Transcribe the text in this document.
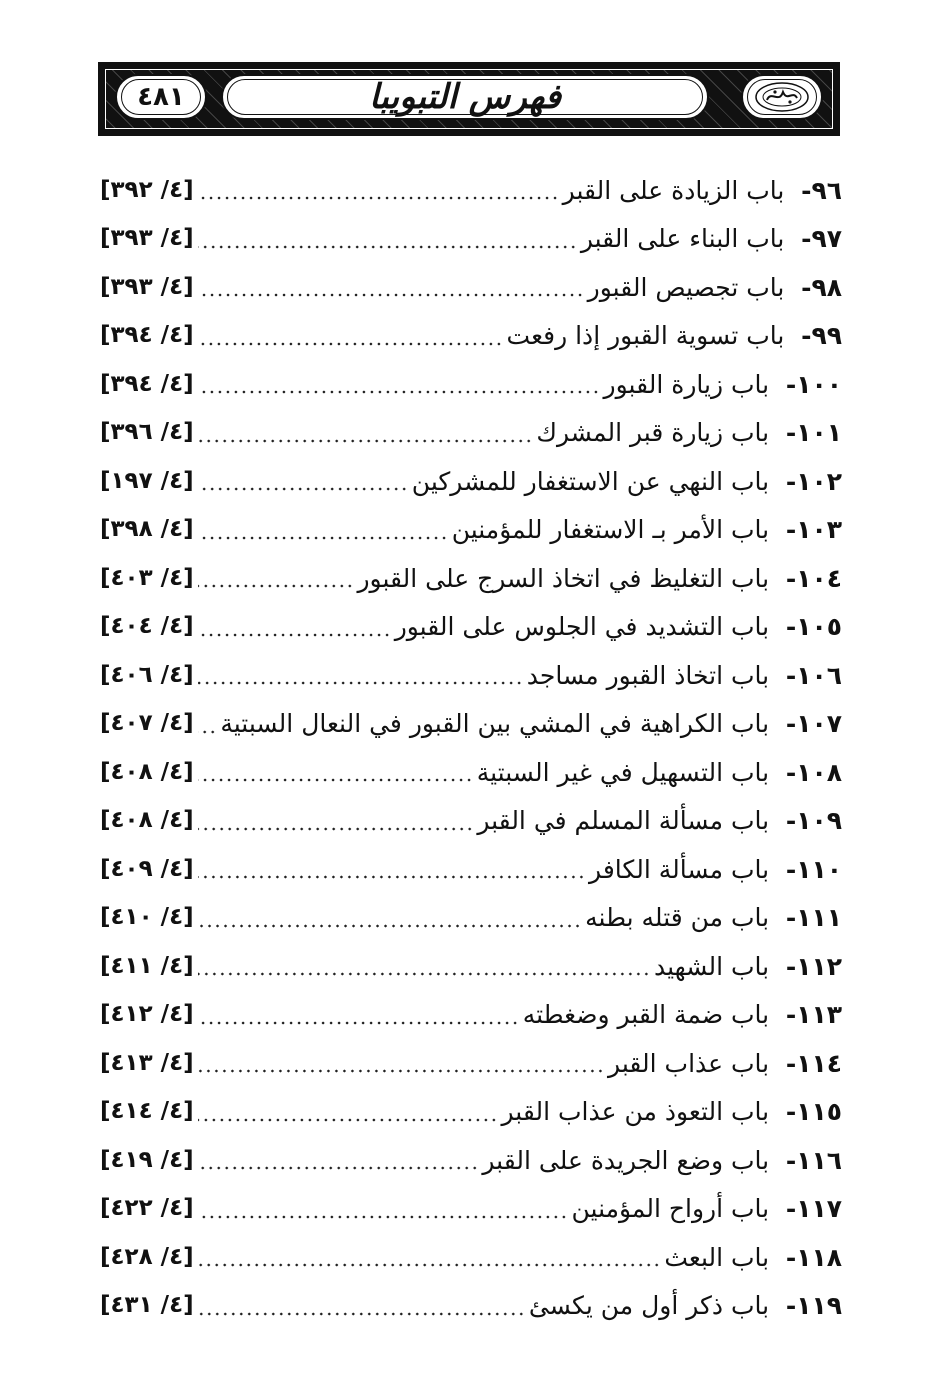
٤٨١	فهرس التبويبا
٩٦
-
باب الزيادة على القبر
[٤/ ٣٩٢]
٩٧
-
باب البناء على القبر
[٤/ ٣٩٣]
٩٨
-
باب تجصيص القبور
[٤/ ٣٩٣]
٩٩
-
باب تسوية القبور إذا رفعت
[٤/ ٣٩٤]
١٠٠
-
باب زيارة القبور
[٤/ ٣٩٤]
١٠١
-
باب زيارة قبر المشرك
[٤/ ٣٩٦]
١٠٢
-
باب النهي عن الاستغفار للمشركين
[٤/ ١٩٧]
١٠٣
-
باب الأمر بـ الاستغفار للمؤمنين
[٤/ ٣٩٨]
١٠٤
-
باب التغليظ في اتخاذ السرج على القبور
[٤/ ٤٠٣]
١٠٥
-
باب التشديد في الجلوس على القبور
[٤/ ٤٠٤]
١٠٦
-
باب اتخاذ القبور مساجد
[٤/ ٤٠٦]
١٠٧
-
باب الكراهية في المشي بين القبور في النعال السبتية
[٤/ ٤٠٧]
١٠٨
-
باب التسهيل في غير السبتية
[٤/ ٤٠٨]
١٠٩
-
باب مسألة المسلم في القبر
[٤/ ٤٠٨]
١١٠
-
باب مسألة الكافر
[٤/ ٤٠٩]
١١١
-
باب من قتله بطنه
[٤/ ٤١٠]
١١٢
-
باب الشهيد
[٤/ ٤١١]
١١٣
-
باب ضمة القبر وضغطته
[٤/ ٤١٢]
١١٤
-
باب عذاب القبر
[٤/ ٤١٣]
١١٥
-
باب التعوذ من عذاب القبر
[٤/ ٤١٤]
١١٦
-
باب وضع الجريدة على القبر
[٤/ ٤١٩]
١١٧
-
باب أرواح المؤمنين
[٤/ ٤٢٢]
١١٨
-
باب البعث
[٤/ ٤٢٨]
١١٩
-
باب ذكر أول من يكسئ
[٤/ ٤٣١]
